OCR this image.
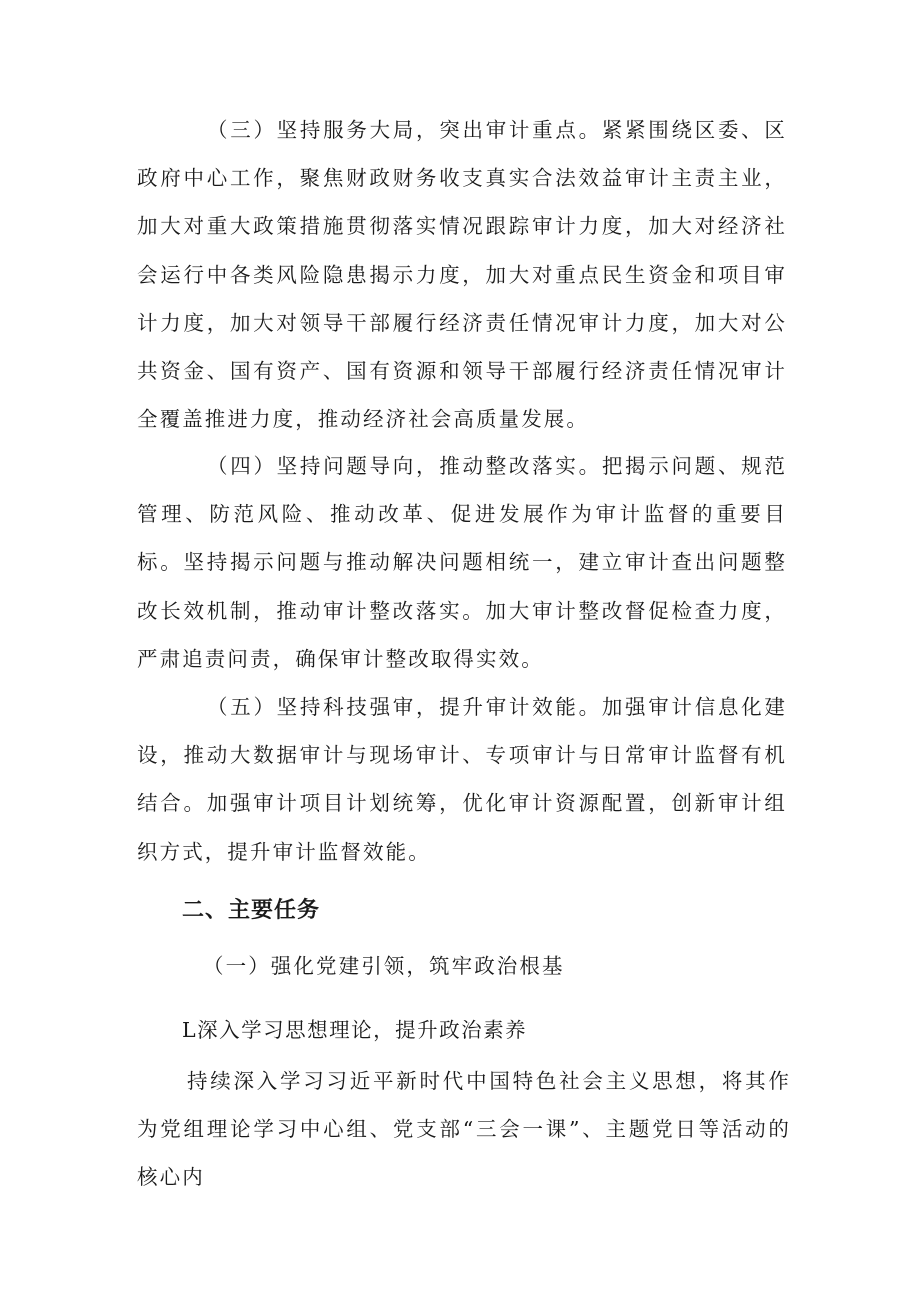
（三）坚持服务大局，突出审计重点。紧紧围绕区委、区政府中心工作，聚焦财政财务收支真实合法效益审计主责主业，加大对重大政策措施贯彻落实情况跟踪审计力度，加大对经济社会运行中各类风险隐患揭示力度，加大对重点民生资金和项目审计力度，加大对领导干部履行经济责任情况审计力度，加大对公共资金、国有资产、国有资源和领导干部履行经济责任情况审计全覆盖推进力度，推动经济社会高质量发展。

（四）坚持问题导向，推动整改落实。把揭示问题、规范管理、防范风险、推动改革、促进发展作为审计监督的重要目标。坚持揭示问题与推动解决问题相统一，建立审计查出问题整改长效机制，推动审计整改落实。加大审计整改督促检查力度，严肃追责问责，确保审计整改取得实效。

（五）坚持科技强审，提升审计效能。加强审计信息化建设，推动大数据审计与现场审计、专项审计与日常审计监督有机结合。加强审计项目计划统筹，优化审计资源配置，创新审计组织方式，提升审计监督效能。

二、主要任务

（一）强化党建引领，筑牢政治根基

L深入学习思想理论，提升政治素养

持续深入学习习近平新时代中国特色社会主义思想，将其作为党组理论学习中心组、党支部“三会一课”、主题党日等活动的核心内
